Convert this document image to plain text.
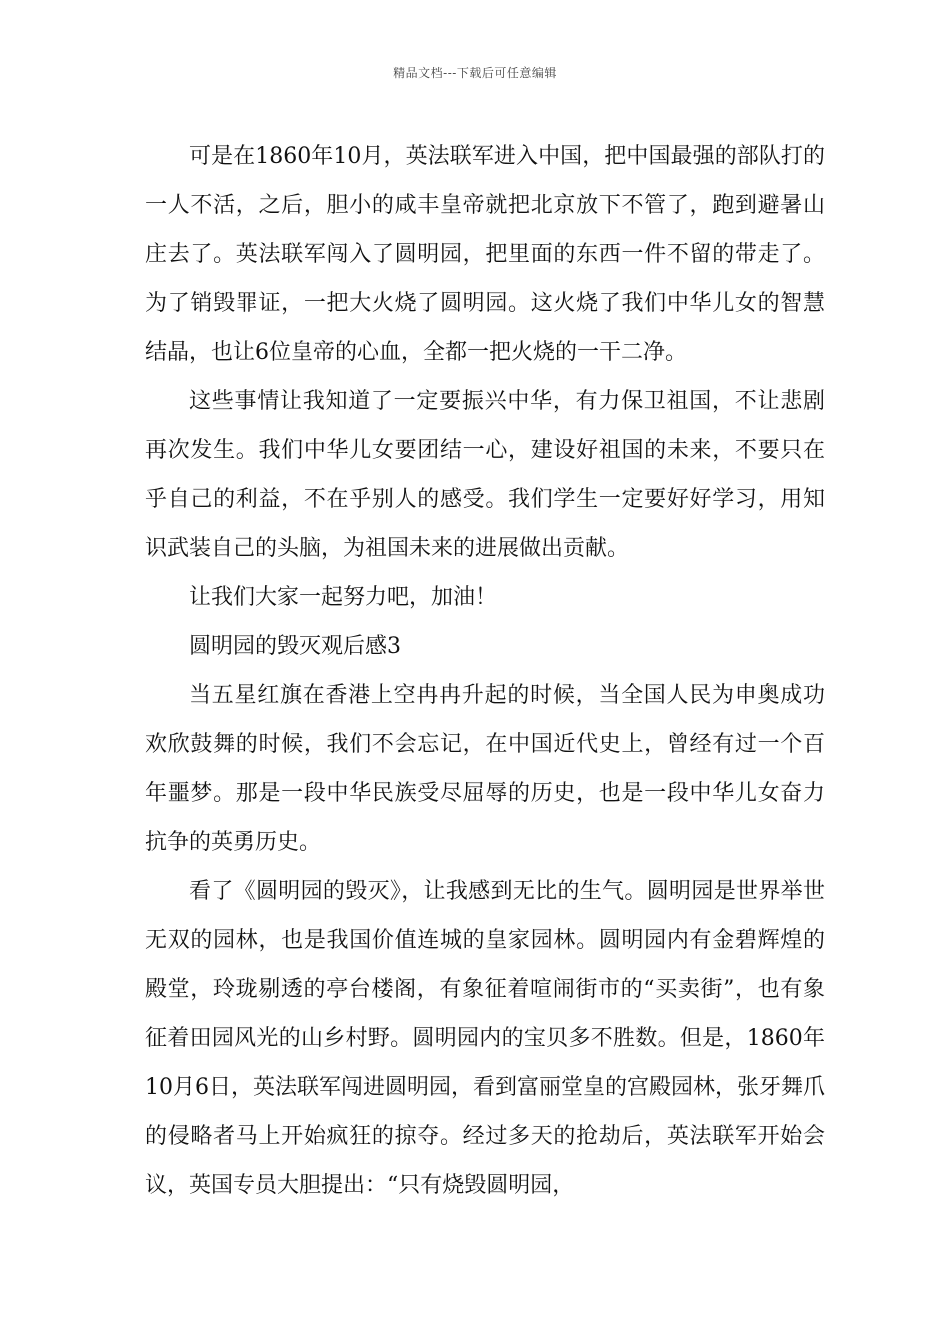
精品文档---下载后可任意编辑

可是在1860年10月，英法联军进入中国，把中国最强的部队打的一人不活，之后，胆小的咸丰皇帝就把北京放下不管了，跑到避暑山庄去了。英法联军闯入了圆明园，把里面的东西一件不留的带走了。为了销毁罪证，一把大火烧了圆明园。这火烧了我们中华儿女的智慧结晶，也让6位皇帝的心血，全都一把火烧的一干二净。

这些事情让我知道了一定要振兴中华，有力保卫祖国，不让悲剧再次发生。我们中华儿女要团结一心，建设好祖国的未来，不要只在乎自己的利益，不在乎别人的感受。我们学生一定要好好学习，用知识武装自己的头脑，为祖国未来的进展做出贡献。

让我们大家一起努力吧，加油！

圆明园的毁灭观后感3

当五星红旗在香港上空冉冉升起的时候，当全国人民为申奥成功欢欣鼓舞的时候，我们不会忘记，在中国近代史上，曾经有过一个百年噩梦。那是一段中华民族受尽屈辱的历史，也是一段中华儿女奋力抗争的英勇历史。

看了《圆明园的毁灭》，让我感到无比的生气。圆明园是世界举世无双的园林，也是我国价值连城的皇家园林。圆明园内有金碧辉煌的殿堂，玲珑剔透的亭台楼阁，有象征着喧闹街市的“买卖街”，也有象征着田园风光的山乡村野。圆明园内的宝贝多不胜数。但是，1860年10月6日，英法联军闯进圆明园，看到富丽堂皇的宫殿园林，张牙舞爪的侵略者马上开始疯狂的掠夺。经过多天的抢劫后，英法联军开始会议，英国专员大胆提出：“只有烧毁圆明园，
